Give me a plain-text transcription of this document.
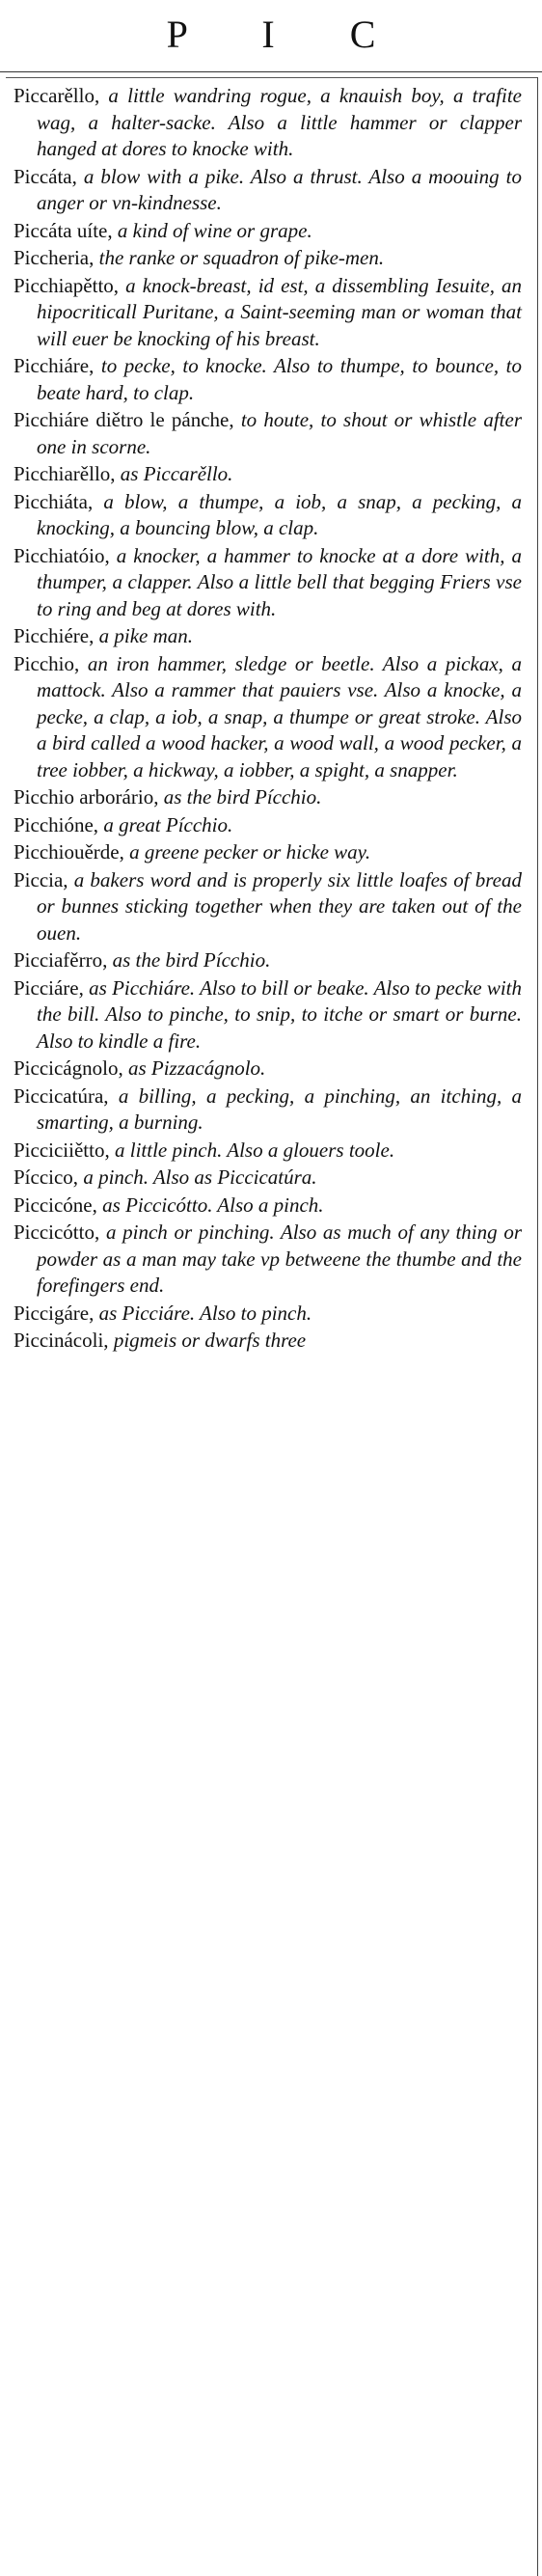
P I C

Piccarěllo, a little wandring rogue, a knauish boy, a trafite wag, a halter-sacke. Also a little hammer or clapper hanged at dores to knocke with.

Piccáta, a blow with a pike. Also a thrust. Also a moouing to anger or vn-kindnesse.

Piccáta uíte, a kind of wine or grape.

Piccheria, the ranke or squadron of pike-men.

Picchiapětto, a knock-breast, id est, a dissembling Iesuite, an hipocriticall Puritane, a Saint-seeming man or woman that will euer be knocking of his breast.

Picchiáre, to pecke, to knocke. Also to thumpe, to bounce, to beate hard, to clap.

Picchiáre diětro le pánche, to houte, to shout or whistle after one in scorne.

Picchiarěllo, as Piccarěllo.

Picchiáta, a blow, a thumpe, a iob, a snap, a pecking, a knocking, a bouncing blow, a clap.

Picchiatóio, a knocker, a hammer to knocke at a dore with, a thumper, a clapper. Also a little bell that begging Friers vse to ring and beg at dores with.

Picchiére, a pike man.

Picchio, an iron hammer, sledge or beetle. Also a pickax, a mattock. Also a rammer that pauiers vse. Also a knocke, a pecke, a clap, a iob, a snap, a thumpe or great stroke. Also a bird called a wood hacker, a wood wall, a wood pecker, a tree iobber, a hickway, a iobber, a spight, a snapper.

Picchio arborário, as the bird Pícchio.

Picchióne, a great Pícchio.

Picchiouěrde, a greene pecker or hicke way.

Piccia, a bakers word and is properly six little loafes of bread or bunnes sticking together when they are taken out of the ouen.

Picciafěrro, as the bird Pícchio.

Picciáre, as Picchiáre. Also to bill or beake. Also to pecke with the bill. Also to pinche, to snip, to itche or smart or burne. Also to kindle a fire.

Piccicágnolo, as Pizzacágnolo.

Piccicatúra, a billing, a pecking, a pinching, an itching, a smarting, a burning.

Picciciiětto, a little pinch. Also a glouers toole.

Píccico, a pinch. Also as Piccicatúra.

Piccicóne, as Piccicótto. Also a pinch.

Piccicótto, a pinch or pinching. Also as much of any thing or powder as a man may take vp betweene the thumbe and the forefingers end.

Piccigáre, as Picciáre. Also to pinch.

Piccinácoli, pigmeis or dwarfs three
